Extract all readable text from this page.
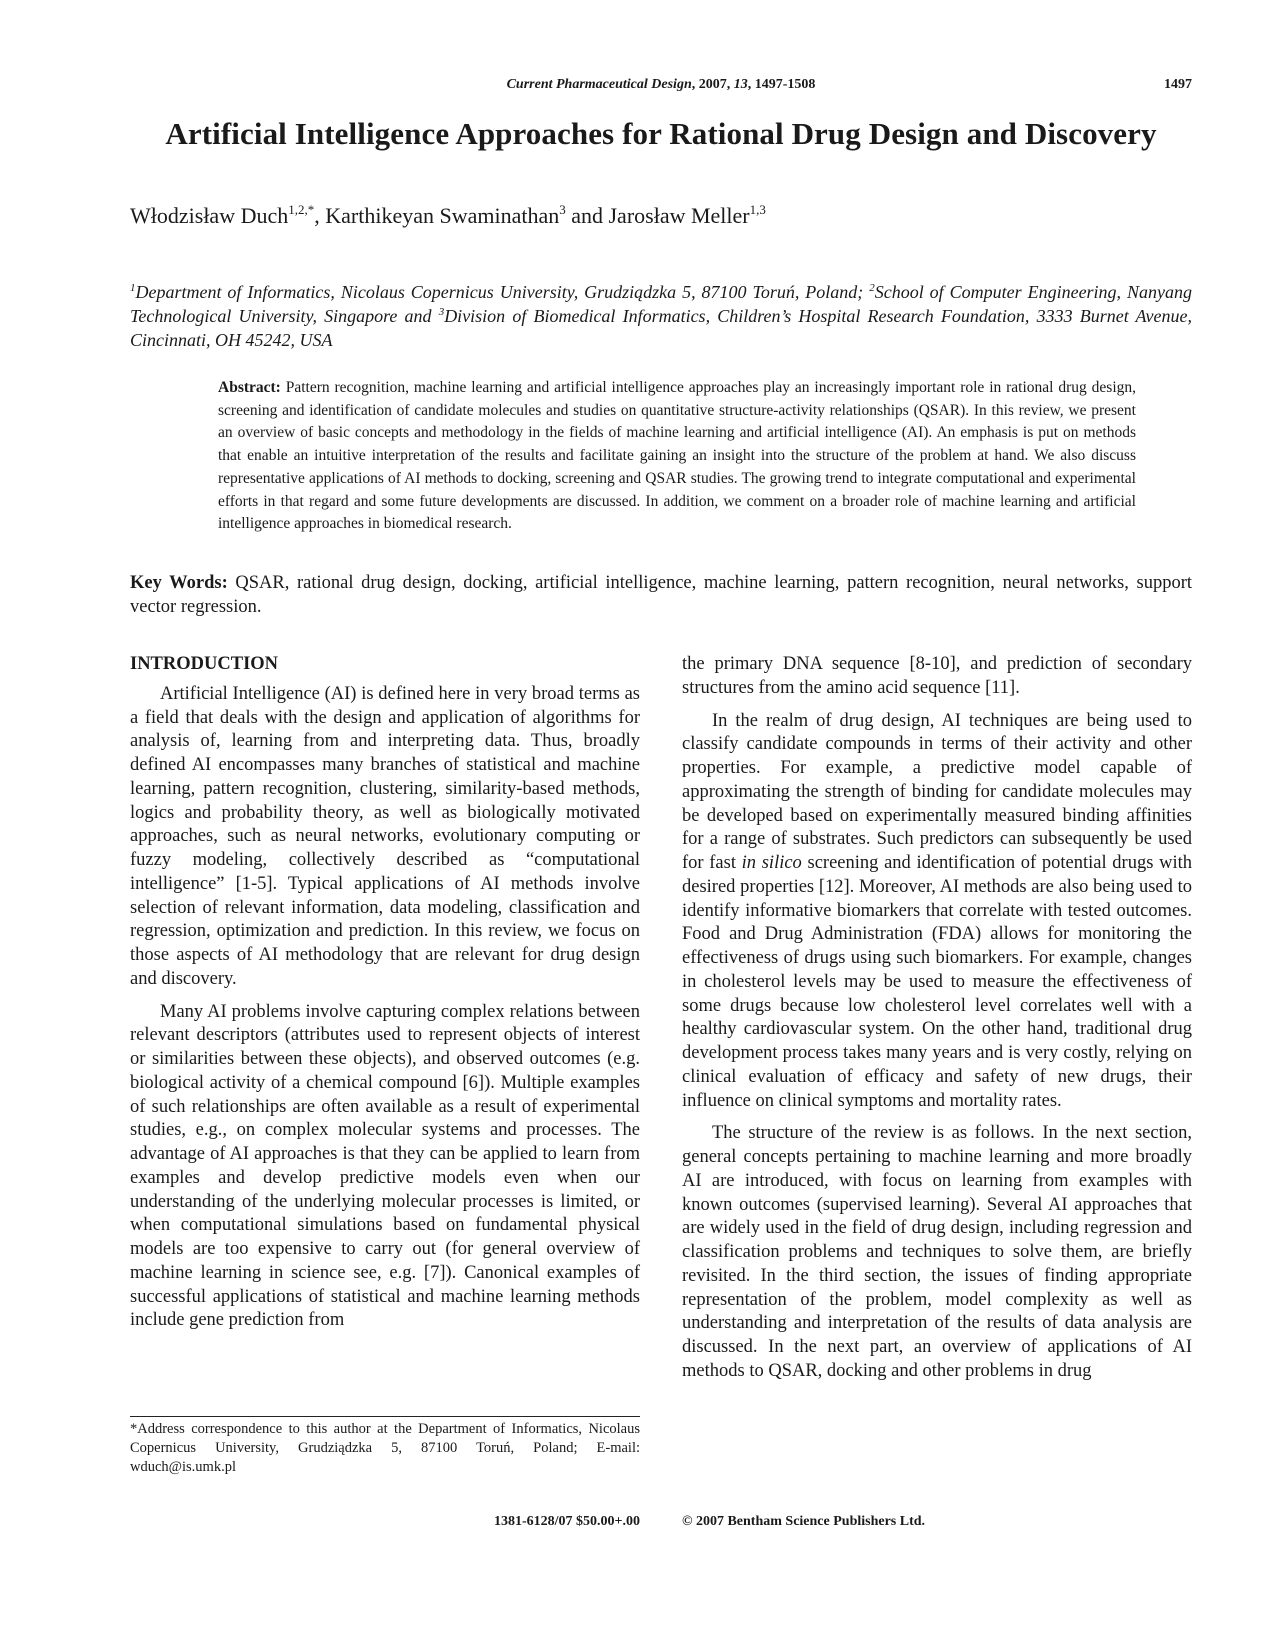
Current Pharmaceutical Design, 2007, 13, 1497-1508	1497
Artificial Intelligence Approaches for Rational Drug Design and Discovery

Włodzisław Duch$^{1,2,*}$, Karthikeyan Swaminathan$^3$ and Jarosław Meller$^{1,3}$

$^1$Department of Informatics, Nicolaus Copernicus University, Grudziądzka 5, 87100 Toruń, Poland; $^2$School of Computer Engineering, Nanyang Technological University, Singapore and $^3$Division of Biomedical Informatics, Children’s Hospital Research Foundation, 3333 Burnet Avenue, Cincinnati, OH 45242, USA

Abstract: Pattern recognition, machine learning and artificial intelligence approaches play an increasingly important role in rational drug design, screening and identification of candidate molecules and studies on quantitative structure-activity relationships (QSAR). In this review, we present an overview of basic concepts and methodology in the fields of machine learning and artificial intelligence (AI). An emphasis is put on methods that enable an intuitive interpretation of the results and facilitate gaining an insight into the structure of the problem at hand. We also discuss representative applications of AI methods to docking, screening and QSAR studies. The growing trend to integrate computational and experimental efforts in that regard and some future developments are discussed. In addition, we comment on a broader role of machine learning and artificial intelligence approaches in biomedical research.

Key Words: QSAR, rational drug design, docking, artificial intelligence, machine learning, pattern recognition, neural networks, support vector regression.

INTRODUCTION

Artificial Intelligence (AI) is defined here in very broad terms as a field that deals with the design and application of algorithms for analysis of, learning from and interpreting data. Thus, broadly defined AI encompasses many branches of statistical and machine learning, pattern recognition, clustering, similarity-based methods, logics and probability theory, as well as biologically motivated approaches, such as neural networks, evolutionary computing or fuzzy modeling, collectively described as “computational intelligence” [1-5]. Typical applications of AI methods involve selection of relevant information, data modeling, classification and regression, optimization and prediction. In this review, we focus on those aspects of AI methodology that are relevant for drug design and discovery.

Many AI problems involve capturing complex relations between relevant descriptors (attributes used to represent objects of interest or similarities between these objects), and observed outcomes (e.g. biological activity of a chemical compound [6]). Multiple examples of such relationships are often available as a result of experimental studies, e.g., on complex molecular systems and processes. The advantage of AI approaches is that they can be applied to learn from examples and develop predictive models even when our understanding of the underlying molecular processes is limited, or when computational simulations based on fundamental physical models are too expensive to carry out (for general overview of machine learning in science see, e.g. [7]). Canonical examples of successful applications of statistical and machine learning methods include gene prediction from

the primary DNA sequence [8-10], and prediction of secondary structures from the amino acid sequence [11].

In the realm of drug design, AI techniques are being used to classify candidate compounds in terms of their activity and other properties. For example, a predictive model capable of approximating the strength of binding for candidate molecules may be developed based on experimentally measured binding affinities for a range of substrates. Such predictors can subsequently be used for fast in silico screening and identification of potential drugs with desired properties [12]. Moreover, AI methods are also being used to identify informative biomarkers that correlate with tested outcomes. Food and Drug Administration (FDA) allows for monitoring the effectiveness of drugs using such biomarkers. For example, changes in cholesterol levels may be used to measure the effectiveness of some drugs because low cholesterol level correlates well with a healthy cardiovascular system. On the other hand, traditional drug development process takes many years and is very costly, relying on clinical evaluation of efficacy and safety of new drugs, their influence on clinical symptoms and mortality rates.

The structure of the review is as follows. In the next section, general concepts pertaining to machine learning and more broadly AI are introduced, with focus on learning from examples with known outcomes (supervised learning). Several AI approaches that are widely used in the field of drug design, including regression and classification problems and techniques to solve them, are briefly revisited. In the third section, the issues of finding appropriate representation of the problem, model complexity as well as understanding and interpretation of the results of data analysis are discussed. In the next part, an overview of applications of AI methods to QSAR, docking and other problems in drug

*Address correspondence to this author at the Department of Informatics, Nicolaus Copernicus University, Grudziądzka 5, 87100 Toruń, Poland; E-mail: wduch@is.umk.pl

1381-6128/07 $50.00+.00	© 2007 Bentham Science Publishers Ltd.
